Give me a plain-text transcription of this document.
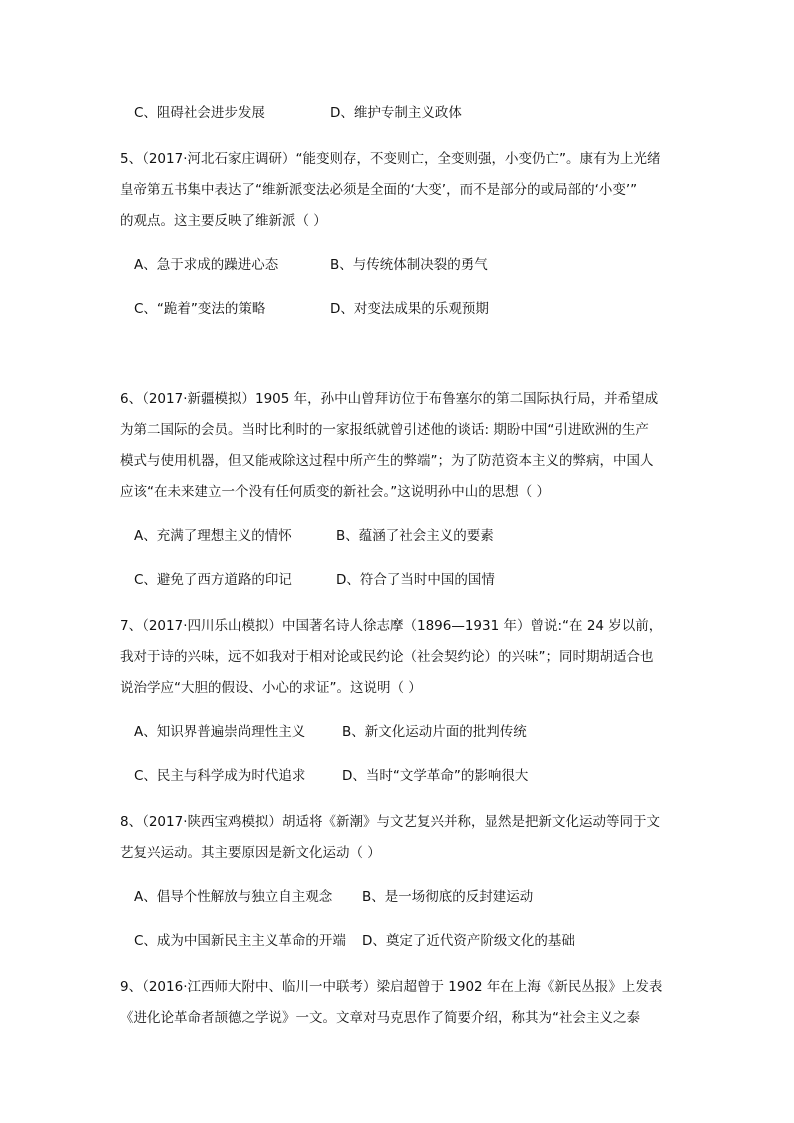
C、阻碍社会进步发展	D、维护专制主义政体
5、（2017·河北石家庄调研）“能变则存，不变则亡，全变则强，小变仍亡”。康有为上光绪
皇帝第五书集中表达了“维新派变法必须是全面的‘大变’，而不是部分的或局部的‘小变’”
的观点。这主要反映了维新派（ ）
A、急于求成的躁进心态	B、与传统体制决裂的勇气
C、“跪着”变法的策略	D、对变法成果的乐观预期
6、（2017·新疆模拟）1905 年，孙中山曾拜访位于布鲁塞尔的第二国际执行局，并希望成
为第二国际的会员。当时比利时的一家报纸就曾引述他的谈话: 期盼中国“引进欧洲的生产
模式与使用机器，但又能戒除这过程中所产生的弊端”；为了防范资本主义的弊病，中国人
应该“在未来建立一个没有任何质变的新社会。”这说明孙中山的思想（ ）
A、充满了理想主义的情怀	B、蕴涵了社会主义的要素
C、避免了西方道路的印记	D、符合了当时中国的国情
7、（2017·四川乐山模拟）中国著名诗人徐志摩（1896—1931 年）曾说:“在 24 岁以前，
我对于诗的兴味，远不如我对于相对论或民约论（社会契约论）的兴味”；同时期胡适合也
说治学应“大胆的假设、小心的求证”。这说明（ ）
A、知识界普遍崇尚理性主义	B、新文化运动片面的批判传统
C、民主与科学成为时代追求	D、当时“文学革命”的影响很大
8、（2017·陕西宝鸡模拟）胡适将《新潮》与文艺复兴并称，显然是把新文化运动等同于文
艺复兴运动。其主要原因是新文化运动（ ）
A、倡导个性解放与独立自主观念 B、是一场彻底的反封建运动
C、成为中国新民主主义革命的开端 D、奠定了近代资产阶级文化的基础
9、（2016·江西师大附中、临川一中联考）梁启超曾于 1902 年在上海《新民丛报》上发表
《进化论革命者颉德之学说》一文。文章对马克思作了简要介绍，称其为“社会主义之泰
